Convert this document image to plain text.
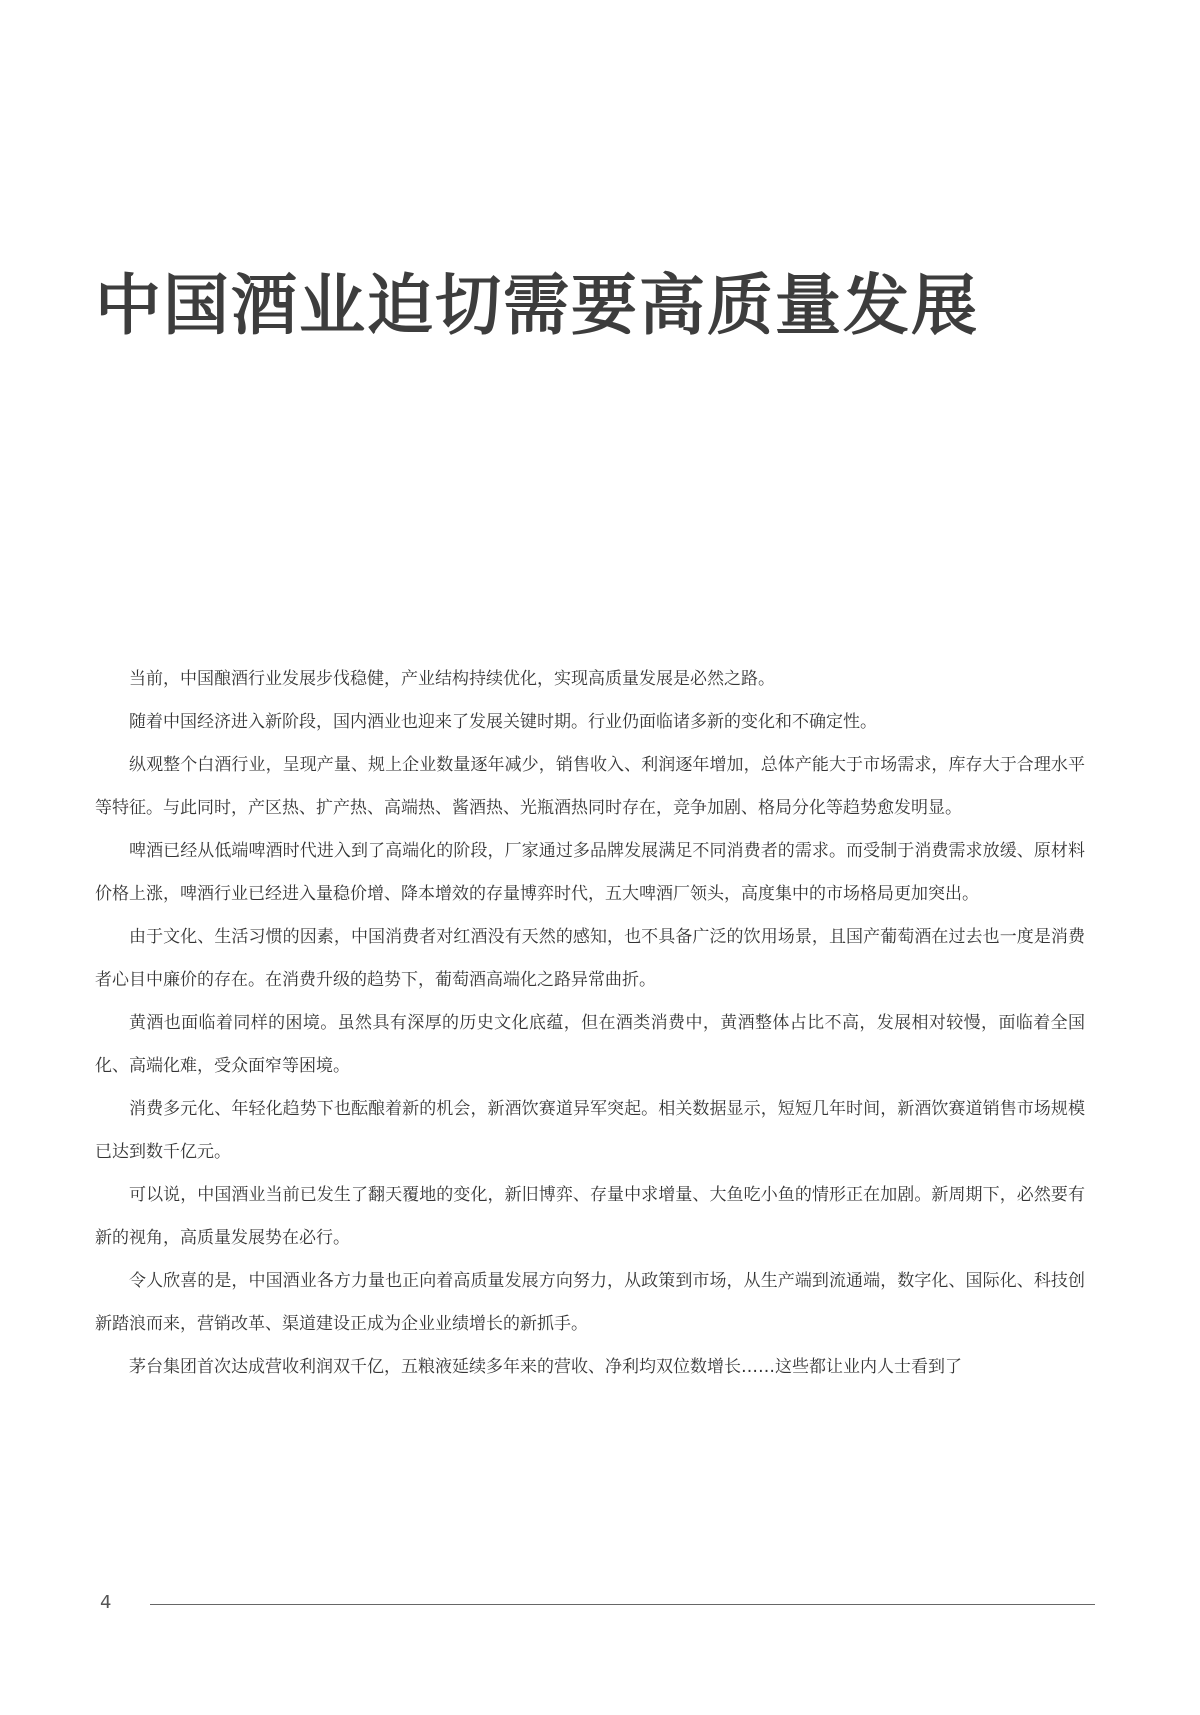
中国酒业迫切需要高质量发展

当前，中国酿酒行业发展步伐稳健，产业结构持续优化，实现高质量发展是必然之路。

随着中国经济进入新阶段，国内酒业也迎来了发展关键时期。行业仍面临诸多新的变化和不确定性。

纵观整个白酒行业，呈现产量、规上企业数量逐年减少，销售收入、利润逐年增加，总体产能大于市场需求，库存大于合理水平等特征。与此同时，产区热、扩产热、高端热、酱酒热、光瓶酒热同时存在，竞争加剧、格局分化等趋势愈发明显。

啤酒已经从低端啤酒时代进入到了高端化的阶段，厂家通过多品牌发展满足不同消费者的需求。而受制于消费需求放缓、原材料价格上涨，啤酒行业已经进入量稳价增、降本增效的存量博弈时代，五大啤酒厂领头，高度集中的市场格局更加突出。

由于文化、生活习惯的因素，中国消费者对红酒没有天然的感知，也不具备广泛的饮用场景，且国产葡萄酒在过去也一度是消费者心目中廉价的存在。在消费升级的趋势下，葡萄酒高端化之路异常曲折。

黄酒也面临着同样的困境。虽然具有深厚的历史文化底蕴，但在酒类消费中，黄酒整体占比不高，发展相对较慢，面临着全国化、高端化难，受众面窄等困境。

消费多元化、年轻化趋势下也酝酿着新的机会，新酒饮赛道异军突起。相关数据显示，短短几年时间，新酒饮赛道销售市场规模已达到数千亿元。

可以说，中国酒业当前已发生了翻天覆地的变化，新旧博弈、存量中求增量、大鱼吃小鱼的情形正在加剧。新周期下，必然要有新的视角，高质量发展势在必行。

令人欣喜的是，中国酒业各方力量也正向着高质量发展方向努力，从政策到市场，从生产端到流通端，数字化、国际化、科技创新踏浪而来，营销改革、渠道建设正成为企业业绩增长的新抓手。

茅台集团首次达成营收利润双千亿，五粮液延续多年来的营收、净利均双位数增长……这些都让业内人士看到了

4
